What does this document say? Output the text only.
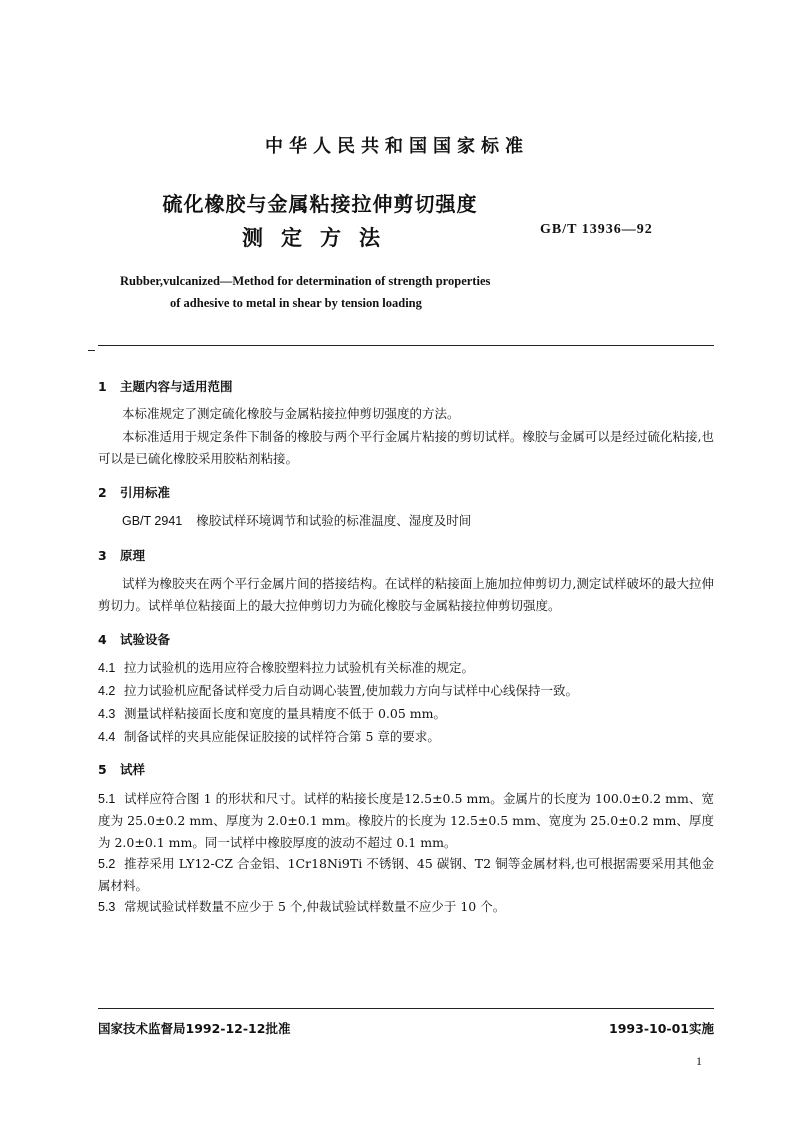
中华人民共和国国家标准
硫化橡胶与金属粘接拉伸剪切强度
测定方法	GB/T 13936—92
Rubber,vulcanized—Method for determination of strength properties
of adhesive to metal in shear by tension loading
1 主题内容与适用范围
本标准规定了测定硫化橡胶与金属粘接拉伸剪切强度的方法。
本标准适用于规定条件下制备的橡胶与两个平行金属片粘接的剪切试样。橡胶与金属可以是经过硫化粘接,也可以是已硫化橡胶采用胶粘剂粘接。
2 引用标准
GB/T 2941 橡胶试样环境调节和试验的标准温度、湿度及时间
3 原理
试样为橡胶夹在两个平行金属片间的搭接结构。在试样的粘接面上施加拉伸剪切力,测定试样破坏的最大拉伸剪切力。试样单位粘接面上的最大拉伸剪切力为硫化橡胶与金属粘接拉伸剪切强度。
4 试验设备
4.1 拉力试验机的选用应符合橡胶塑料拉力试验机有关标准的规定。
4.2 拉力试验机应配备试样受力后自动调心装置,使加载力方向与试样中心线保持一致。
4.3 测量试样粘接面长度和宽度的量具精度不低于 0.05 mm。
4.4 制备试样的夹具应能保证胶接的试样符合第 5 章的要求。
5 试样
5.1 试样应符合图 1 的形状和尺寸。试样的粘接长度是12.5±0.5 mm。金属片的长度为 100.0±0.2 mm、宽度为 25.0±0.2 mm、厚度为 2.0±0.1 mm。橡胶片的长度为 12.5±0.5 mm、宽度为 25.0±0.2 mm、厚度为 2.0±0.1 mm。同一试样中橡胶厚度的波动不超过 0.1 mm。
5.2 推荐采用 LY12-CZ 合金铝、1Cr18Ni9Ti 不锈钢、45 碳钢、T2 铜等金属材料,也可根据需要采用其他金属材料。
5.3 常规试验试样数量不应少于 5 个,仲裁试验试样数量不应少于 10 个。
国家技术监督局1992-12-12批准	1993-10-01实施
1
